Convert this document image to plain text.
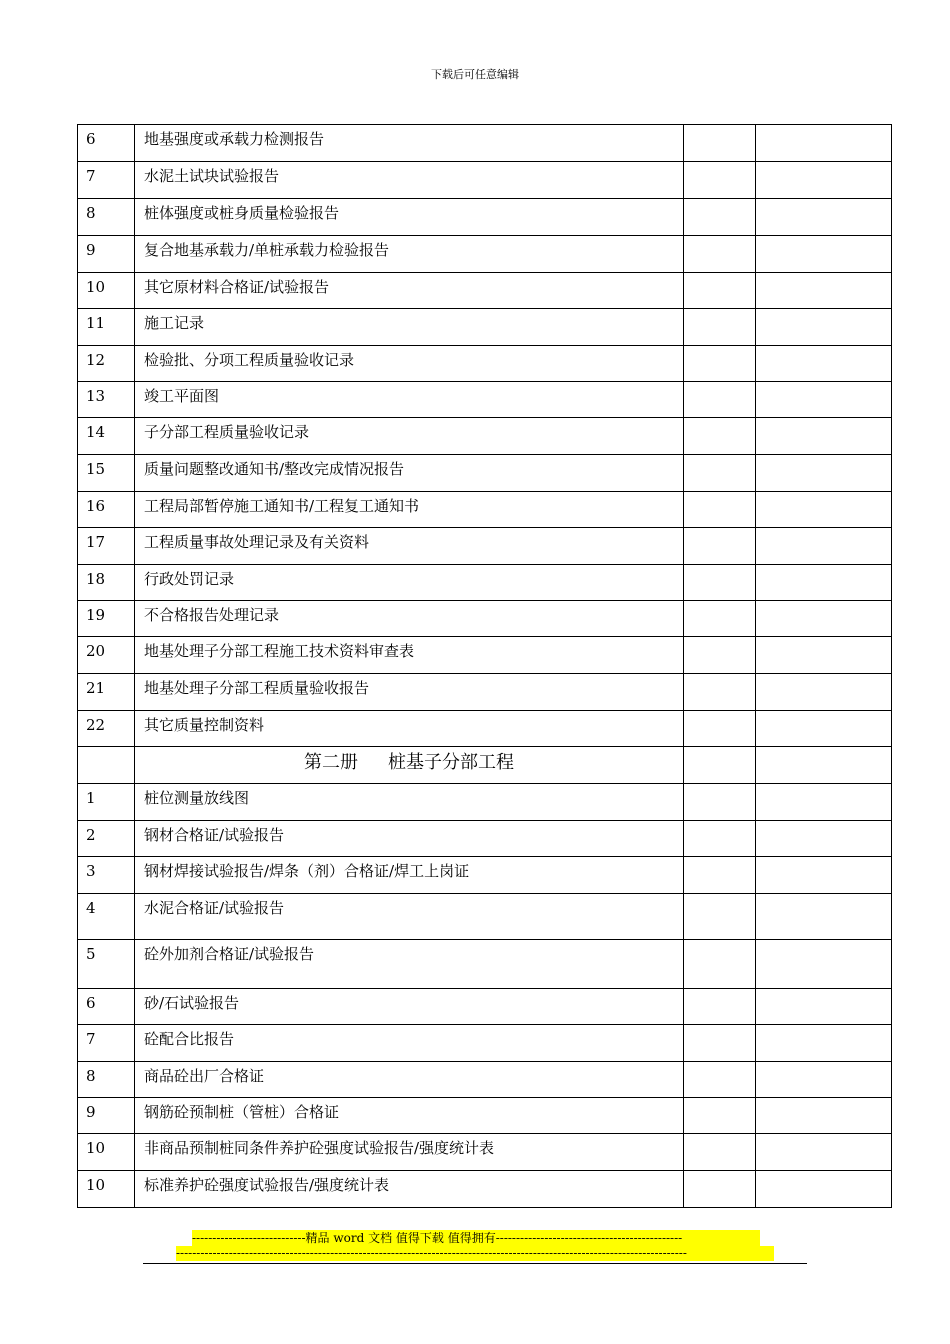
下载后可任意编辑
6	地基强度或承载力检测报告		
7	水泥土试块试验报告		
8	桩体强度或桩身质量检验报告		
9	复合地基承载力/单桩承载力检验报告		
10	其它原材料合格证/试验报告		
11	施工记录		
12	检验批、分项工程质量验收记录		
13	竣工平面图		
14	子分部工程质量验收记录		
15	质量问题整改通知书/整改完成情况报告		
16	工程局部暂停施工通知书/工程复工通知书		
17	工程质量事故处理记录及有关资料		
18	行政处罚记录		
19	不合格报告处理记录		
20	地基处理子分部工程施工技术资料审查表		
21	地基处理子分部工程质量验收报告		
22	其它质量控制资料		
	第二册 桩基子分部工程		
1	桩位测量放线图		
2	钢材合格证/试验报告		
3	钢材焊接试验报告/焊条（剂）合格证/焊工上岗证		
4	水泥合格证/试验报告		
5	砼外加剂合格证/试验报告		
6	砂/石试验报告		
7	砼配合比报告		
8	商品砼出厂合格证		
9	钢筋砼预制桩（管桩）合格证		
10	非商品预制桩同条件养护砼强度试验报告/强度统计表		
10	标准养护砼强度试验报告/强度统计表		
----------------------------精品 word 文档 值得下载 值得拥有----------------------------------------------
------------------------------------------------------------------------------------------------------------------------------
